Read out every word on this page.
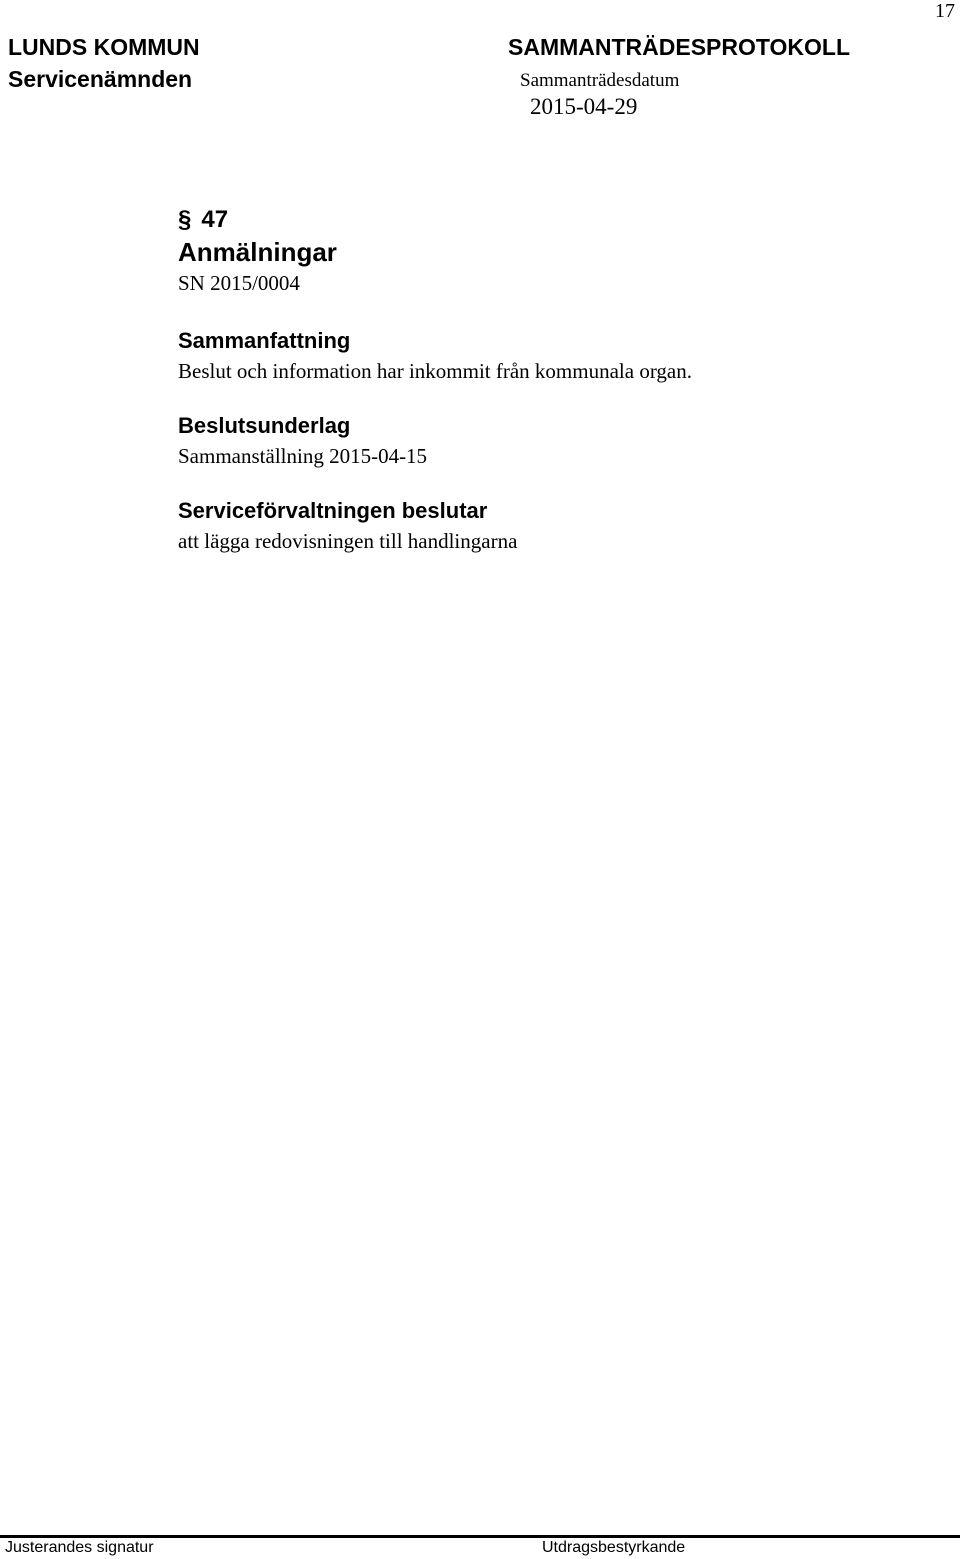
17
LUNDS KOMMUN
Servicenämnden
SAMMANTRÄDESPROTOKOLL
Sammanträdesdatum
2015-04-29
§ 47
Anmälningar
SN 2015/0004
Sammanfattning
Beslut och information har inkommit från kommunala organ.
Beslutsunderlag
Sammanställning 2015-04-15
Serviceförvaltningen beslutar
att lägga redovisningen till handlingarna
Justerandes signatur	Utdragsbestyrkande
